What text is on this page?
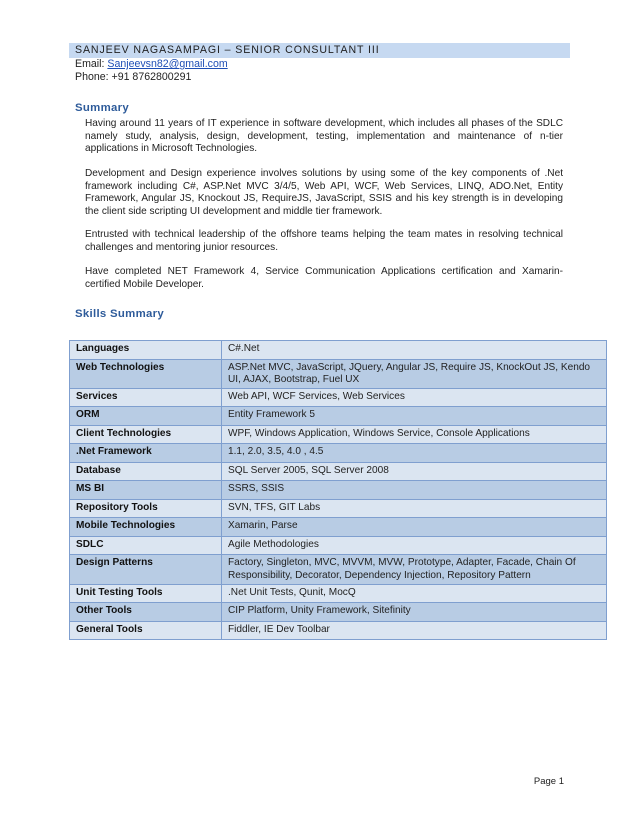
SANJEEV NAGASAMPAGI – SENIOR CONSULTANT III
Email: Sanjeevsn82@gmail.com
Phone: +91 8762800291
Summary
Having around 11 years of IT experience in software development, which includes all phases of the SDLC namely study, analysis, design, development, testing, implementation and maintenance of n-tier applications in Microsoft Technologies.
Development and Design experience involves solutions by using some of the key components of .Net framework including C#, ASP.Net MVC 3/4/5, Web API, WCF, Web Services, LINQ, ADO.Net, Entity Framework, Angular JS, Knockout JS, RequireJS, JavaScript, SSIS and his key strength is in developing the client side scripting UI development and middle tier framework.
Entrusted with technical leadership of the offshore teams helping the team mates in resolving technical challenges and mentoring junior resources.
Have completed NET Framework 4, Service Communication Applications certification and Xamarin-certified Mobile Developer.
Skills Summary
Languages	C#.Net
Web Technologies	ASP.Net MVC, JavaScript, JQuery, Angular JS, Require JS, KnockOut JS, Kendo UI, AJAX, Bootstrap, Fuel UX
Services	Web API, WCF Services, Web Services
ORM	Entity Framework 5
Client Technologies	WPF, Windows Application, Windows Service, Console Applications
.Net Framework	1.1, 2.0, 3.5, 4.0 , 4.5
Database	SQL Server 2005, SQL Server 2008
MS BI	SSRS, SSIS
Repository Tools	SVN, TFS, GIT Labs
Mobile Technologies	Xamarin, Parse
SDLC	Agile Methodologies
Design Patterns	Factory, Singleton, MVC, MVVM, MVW, Prototype, Adapter, Facade, Chain Of Responsibility, Decorator, Dependency Injection, Repository Pattern
Unit Testing Tools	.Net Unit Tests, Qunit, MocQ
Other Tools	CIP Platform, Unity Framework, Sitefinity
General Tools	Fiddler, IE Dev Toolbar
Page 1
